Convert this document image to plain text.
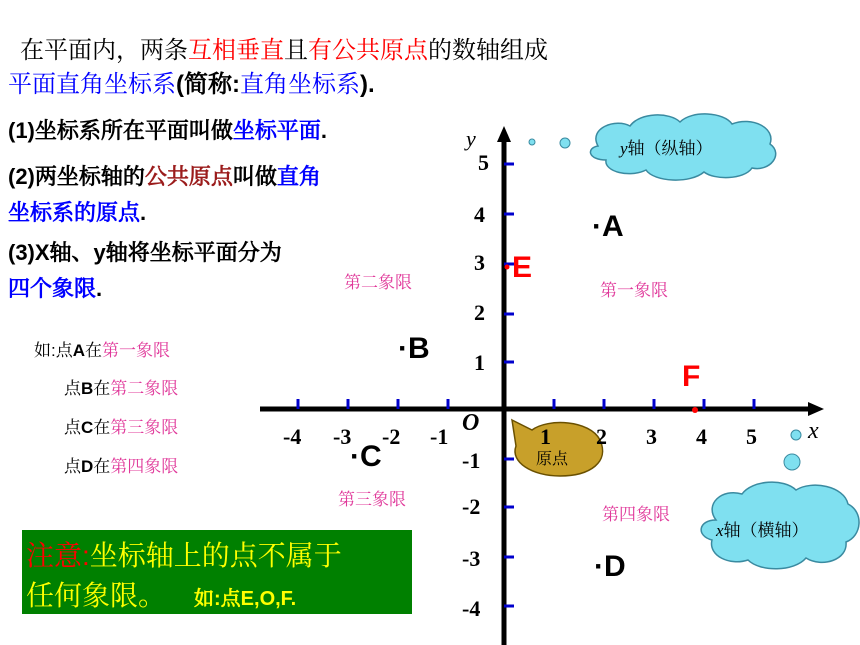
在平面内，两条互相垂直且有公共原点的数轴组成
平面直角坐标系(简称:直角坐标系).
(1)坐标系所在平面叫做坐标平面.
(2)两坐标轴的公共原点叫做直角
坐标系的原点.
(3)X轴、y轴将坐标平面分为
四个象限.
如:点A在第一象限
点B在第二象限
点C在第三象限
点D在第四象限
注意:坐标轴上的点不属于
任何象限。 如:点E,O,F.
y
x
O
1 2 3 4 5
-4 -3 -2 -1
5
4
3
2
1
-1
-2
-3
-4
第一象限
第二象限
第三象限
第四象限
·A
·B
·C
·D
E
F
y轴（纵轴）
x轴（横轴）
原点
